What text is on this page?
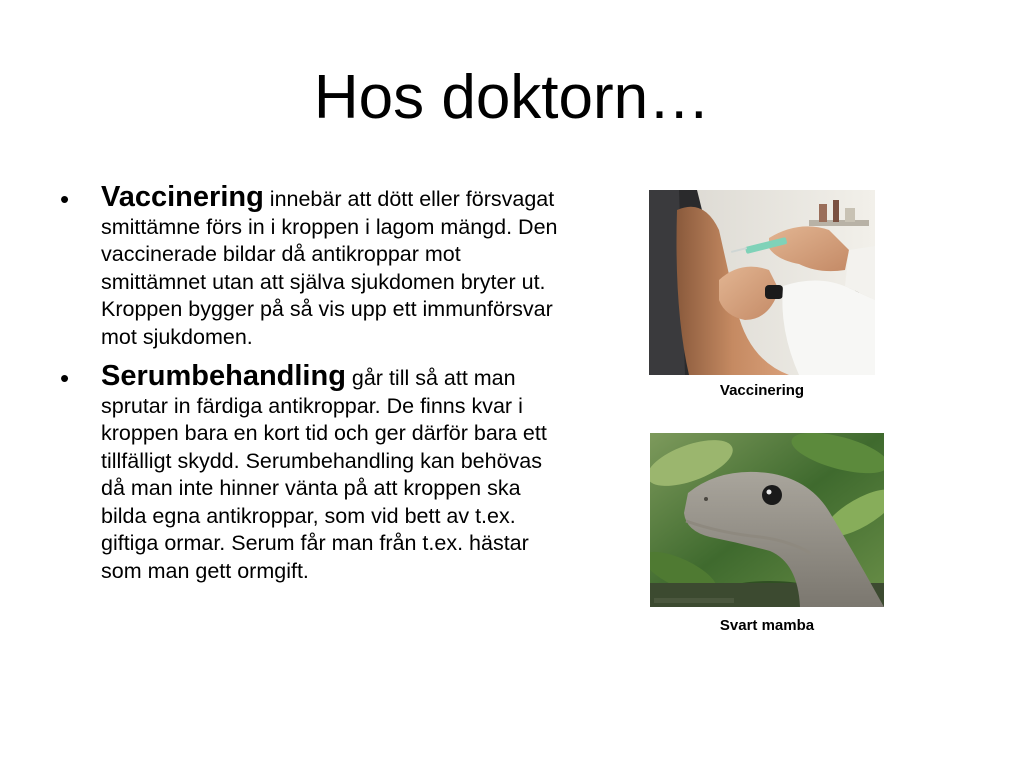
Hos doktorn…
• Vaccinering innebär att dött eller försvagat smittämne förs in i kroppen i lagom mängd. Den vaccinerade bildar då antikroppar mot smittämnet utan att själva sjukdomen bryter ut. Kroppen bygger på så vis upp ett immunförsvar mot sjukdomen.
• Serumbehandling går till så att man sprutar in färdiga antikroppar. De finns kvar i kroppen bara en kort tid och ger därför bara ett tillfälligt skydd. Serumbehandling kan behövas då man inte hinner vänta på att kroppen ska bilda egna antikroppar, som vid bett av t.ex. giftiga ormar. Serum får man från t.ex. hästar som man gett ormgift.
Vaccinering
Svart mamba
